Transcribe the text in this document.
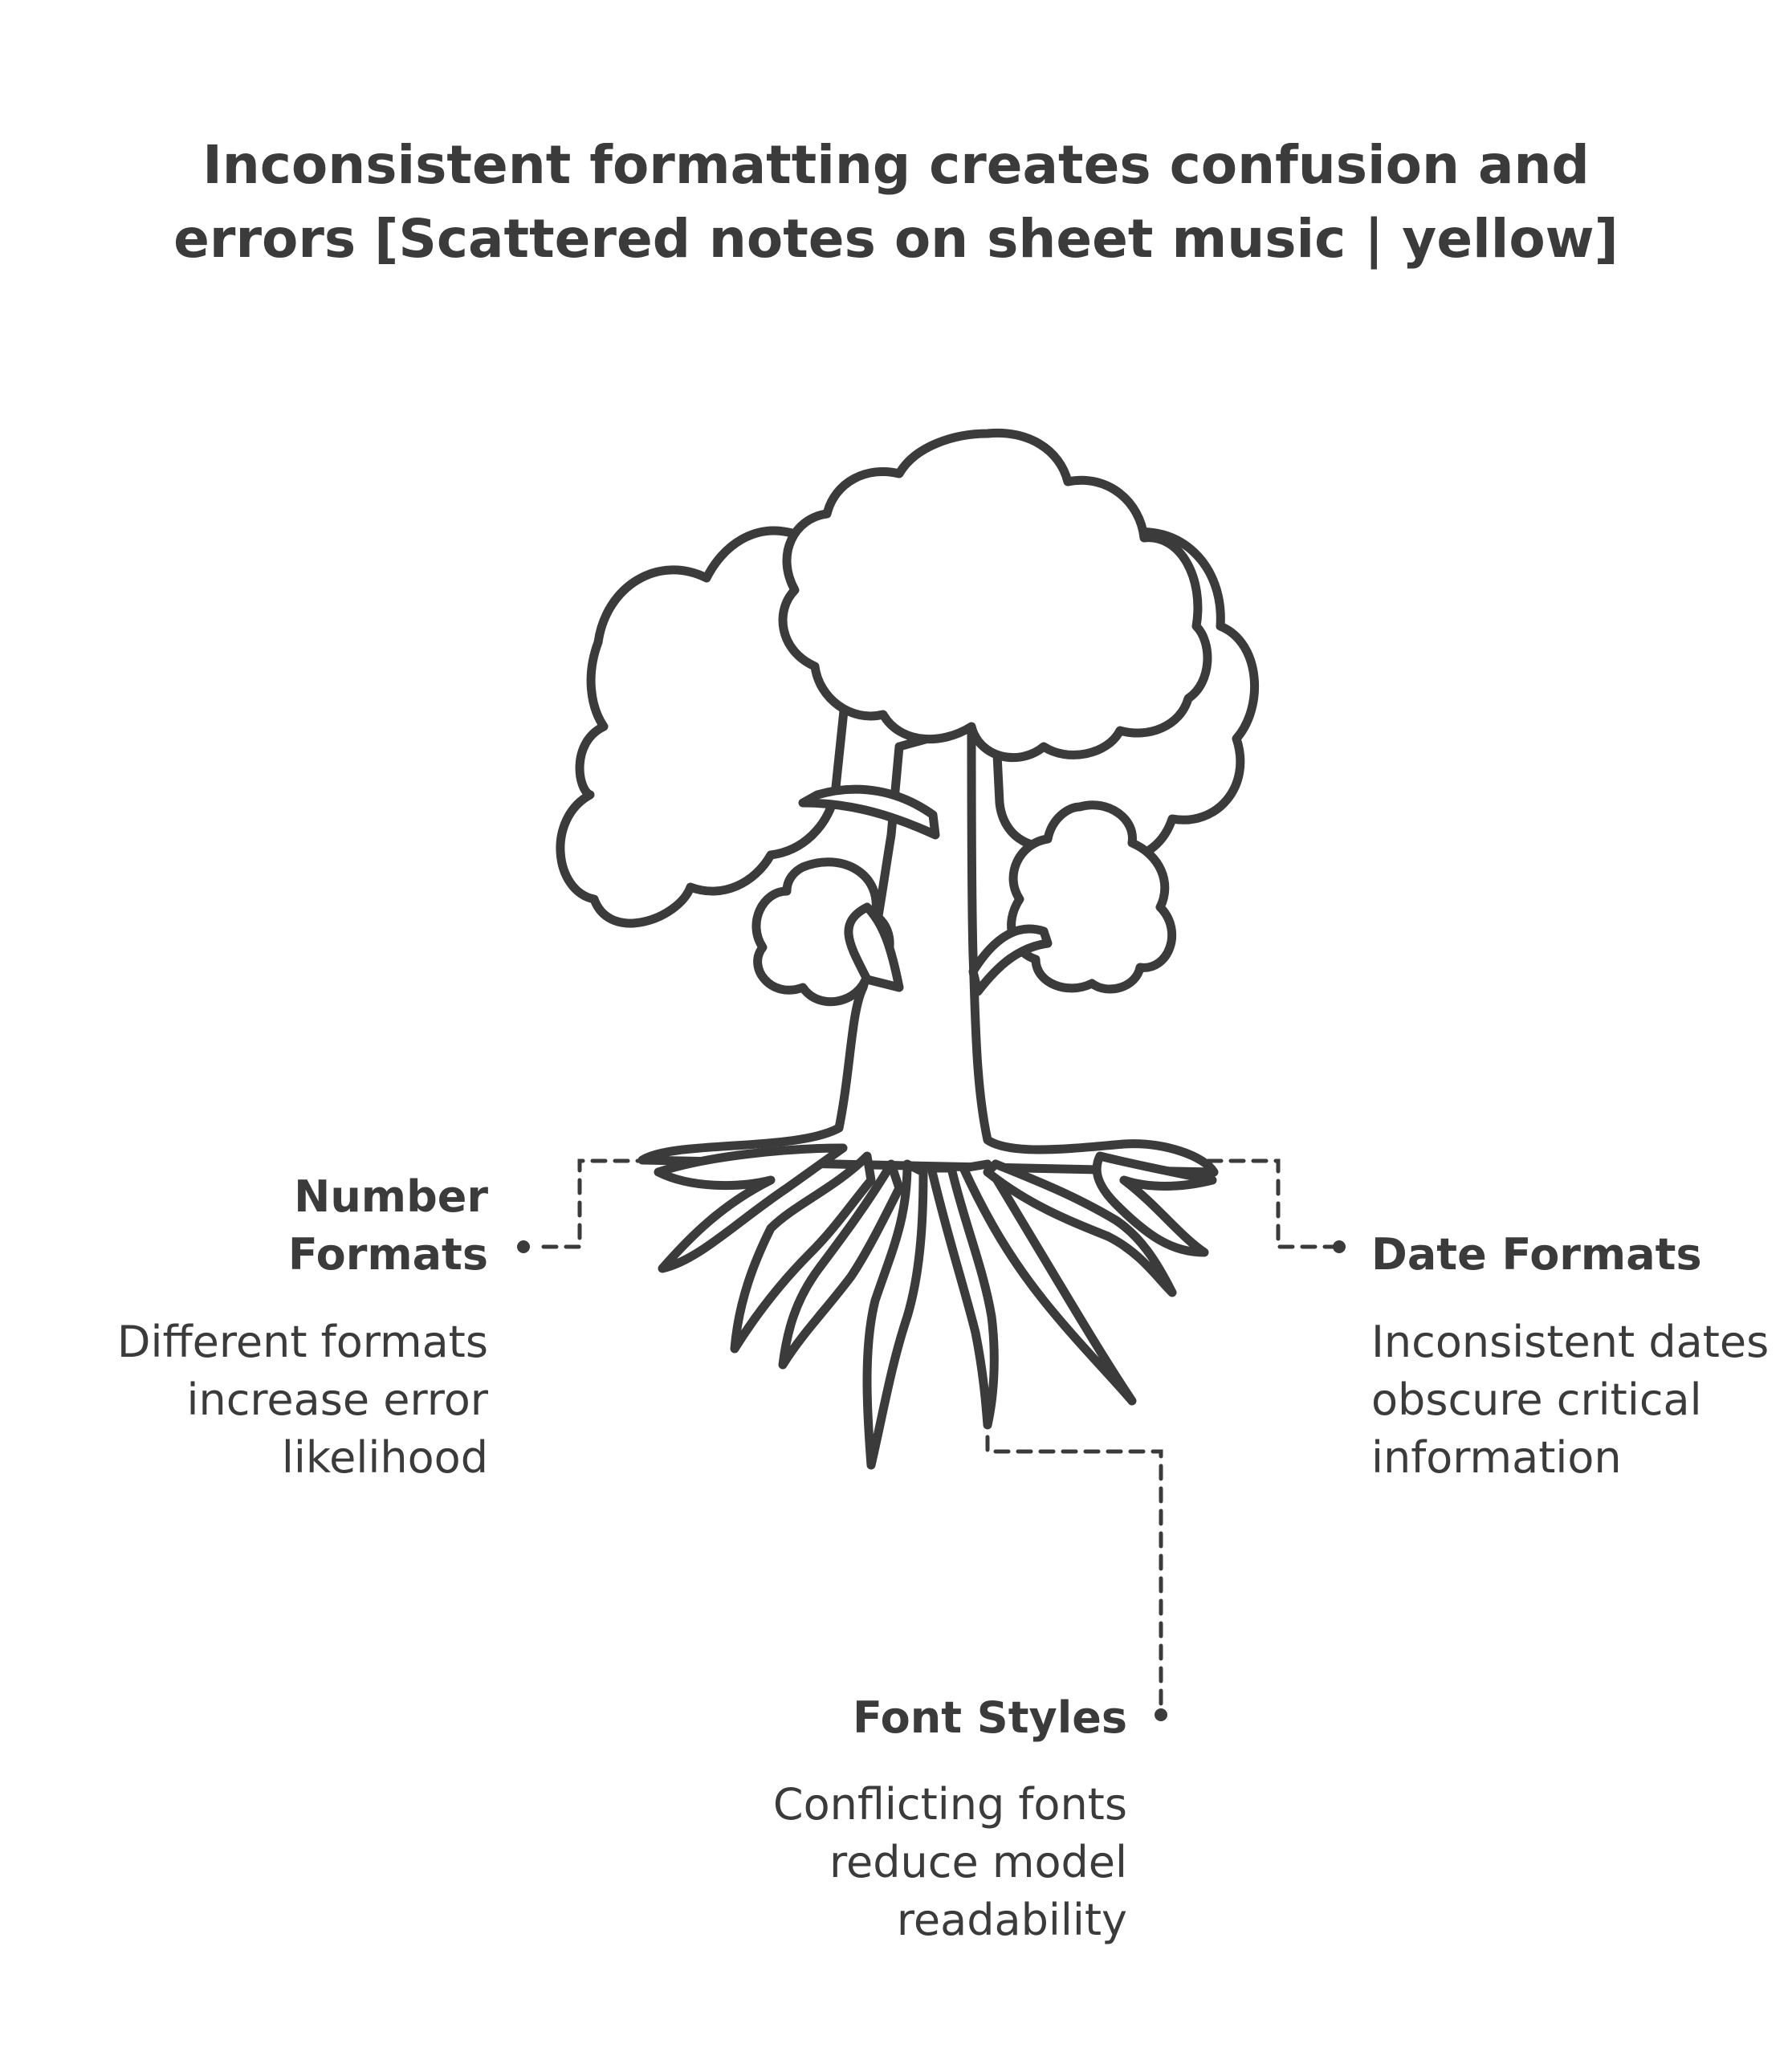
Inconsistent formatting creates confusion and errors [Scattered notes on sheet music | yellow]
Number Formats
Different formats increase error likelihood
Date Formats
Inconsistent dates obscure critical information
Font Styles
Conflicting fonts reduce model readability
